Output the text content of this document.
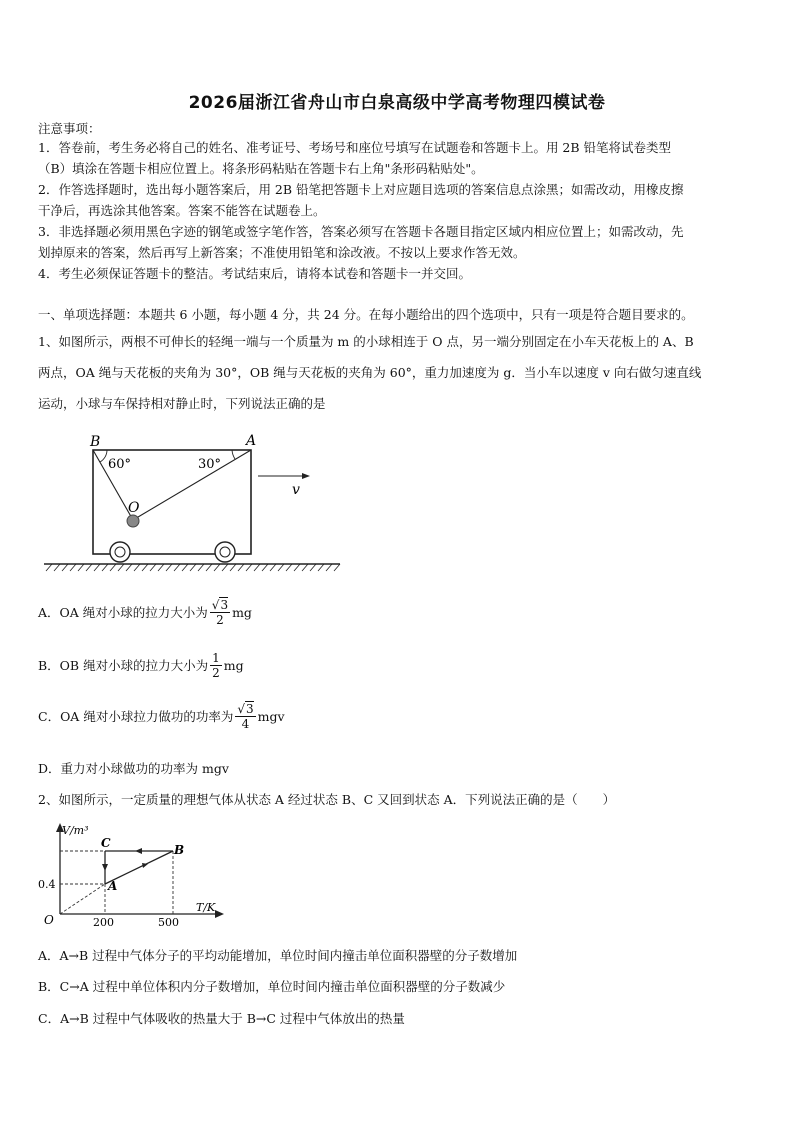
2026届浙江省舟山市白泉高级中学高考物理四模试卷
注意事项：
1．答卷前，考生务必将自己的姓名、准考证号、考场号和座位号填写在试题卷和答题卡上。用 2B 铅笔将试卷类型
（B）填涂在答题卡相应位置上。将条形码粘贴在答题卡右上角"条形码粘贴处"。
2．作答选择题时，选出每小题答案后，用 2B 铅笔把答题卡上对应题目选项的答案信息点涂黑；如需改动，用橡皮擦
干净后，再选涂其他答案。答案不能答在试题卷上。
3．非选择题必须用黑色字迹的钢笔或签字笔作答，答案必须写在答题卡各题目指定区域内相应位置上；如需改动，先
划掉原来的答案，然后再写上新答案；不准使用铅笔和涂改液。不按以上要求作答无效。
4．考生必须保证答题卡的整洁。考试结束后，请将本试卷和答题卡一并交回。
一、单项选择题：本题共 6 小题，每小题 4 分，共 24 分。在每小题给出的四个选项中，只有一项是符合题目要求的。
1、如图所示，两根不可伸长的轻绳一端与一个质量为 m 的小球相连于 O 点，另一端分别固定在小车天花板上的 A、B
两点，OA 绳与天花板的夹角为 30°，OB 绳与天花板的夹角为 60°，重力加速度为 g．当小车以速度 v 向右做匀速直线
运动，小球与车保持相对静止时，下列说法正确的是
B	A
60°	30°
O
v
A．OA 绳对小球的拉力大小为 $\frac{√3}{2}$ mg
B．OB 绳对小球的拉力大小为 $\frac{1}{2}$ mg
C．OA 绳对小球拉力做功的功率为 $\frac{√3}{4}$ mgv
D．重力对小球做功的功率为 mgv
2、如图所示，一定质量的理想气体从状态 A 经过状态 B、C 又回到状态 A．下列说法正确的是（　　）
V/m³
T/K
O
0.4
200	500
A
B
C
A．A→B 过程中气体分子的平均动能增加，单位时间内撞击单位面积器壁的分子数增加
B．C→A 过程中单位体积内分子数增加，单位时间内撞击单位面积器壁的分子数减少
C．A→B 过程中气体吸收的热量大于 B→C 过程中气体放出的热量
